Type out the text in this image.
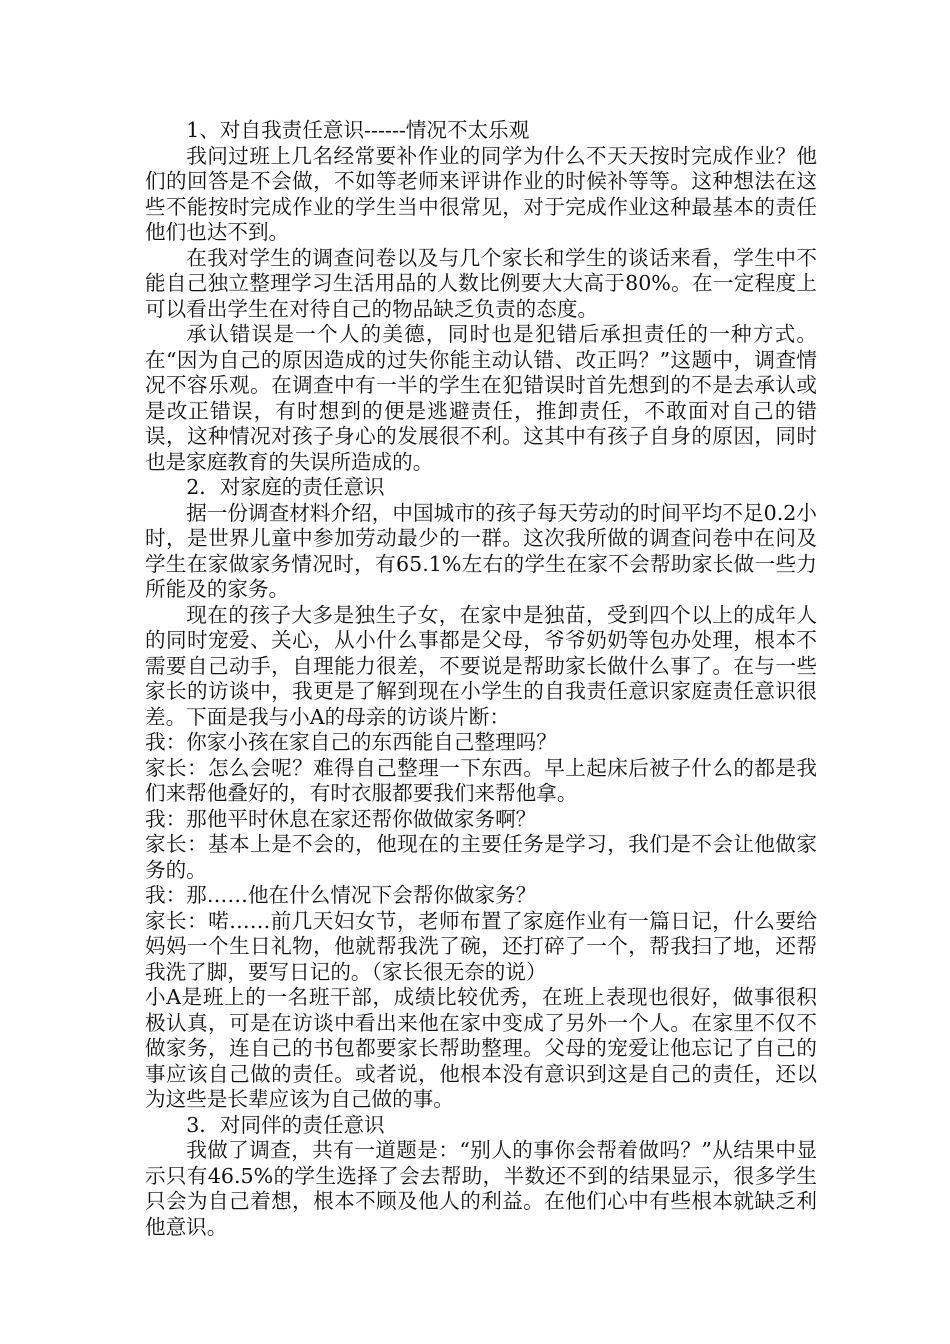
1、对自我责任意识------情况不太乐观

我问过班上几名经常要补作业的同学为什么不天天按时完成作业？他们的回答是不会做，不如等老师来评讲作业的时候补等等。这种想法在这些不能按时完成作业的学生当中很常见，对于完成作业这种最基本的责任他们也达不到。

在我对学生的调查问卷以及与几个家长和学生的谈话来看，学生中不能自己独立整理学习生活用品的人数比例要大大高于80%。在一定程度上可以看出学生在对待自己的物品缺乏负责的态度。

承认错误是一个人的美德，同时也是犯错后承担责任的一种方式。在“因为自己的原因造成的过失你能主动认错、改正吗？”这题中，调查情况不容乐观。在调查中有一半的学生在犯错误时首先想到的不是去承认或是改正错误，有时想到的便是逃避责任，推卸责任，不敢面对自己的错误，这种情况对孩子身心的发展很不利。这其中有孩子自身的原因，同时也是家庭教育的失误所造成的。

2．对家庭的责任意识

据一份调查材料介绍，中国城市的孩子每天劳动的时间平均不足0.2小时，是世界儿童中参加劳动最少的一群。这次我所做的调查问卷中在问及学生在家做家务情况时，有65.1%左右的学生在家不会帮助家长做一些力所能及的家务。

现在的孩子大多是独生子女，在家中是独苗，受到四个以上的成年人的同时宠爱、关心，从小什么事都是父母，爷爷奶奶等包办处理，根本不需要自己动手，自理能力很差，不要说是帮助家长做什么事了。在与一些家长的访谈中，我更是了解到现在小学生的自我责任意识家庭责任意识很差。下面是我与小A的母亲的访谈片断：

我：你家小孩在家自己的东西能自己整理吗？

家长：怎么会呢？难得自己整理一下东西。早上起床后被子什么的都是我们来帮他叠好的，有时衣服都要我们来帮他拿。

我：那他平时休息在家还帮你做做家务啊？

家长：基本上是不会的，他现在的主要任务是学习，我们是不会让他做家务的。

我：那……他在什么情况下会帮你做家务？

家长：喏……前几天妇女节，老师布置了家庭作业有一篇日记，什么要给妈妈一个生日礼物，他就帮我洗了碗，还打碎了一个，帮我扫了地，还帮我洗了脚，要写日记的。（家长很无奈的说）

小A是班上的一名班干部，成绩比较优秀，在班上表现也很好，做事很积极认真，可是在访谈中看出来他在家中变成了另外一个人。在家里不仅不做家务，连自己的书包都要家长帮助整理。父母的宠爱让他忘记了自己的事应该自己做的责任。或者说，他根本没有意识到这是自己的责任，还以为这些是长辈应该为自己做的事。

3．对同伴的责任意识

我做了调查，共有一道题是：“别人的事你会帮着做吗？”从结果中显示只有46.5%的学生选择了会去帮助，半数还不到的结果显示，很多学生只会为自己着想，根本不顾及他人的利益。在他们心中有些根本就缺乏利他意识。
